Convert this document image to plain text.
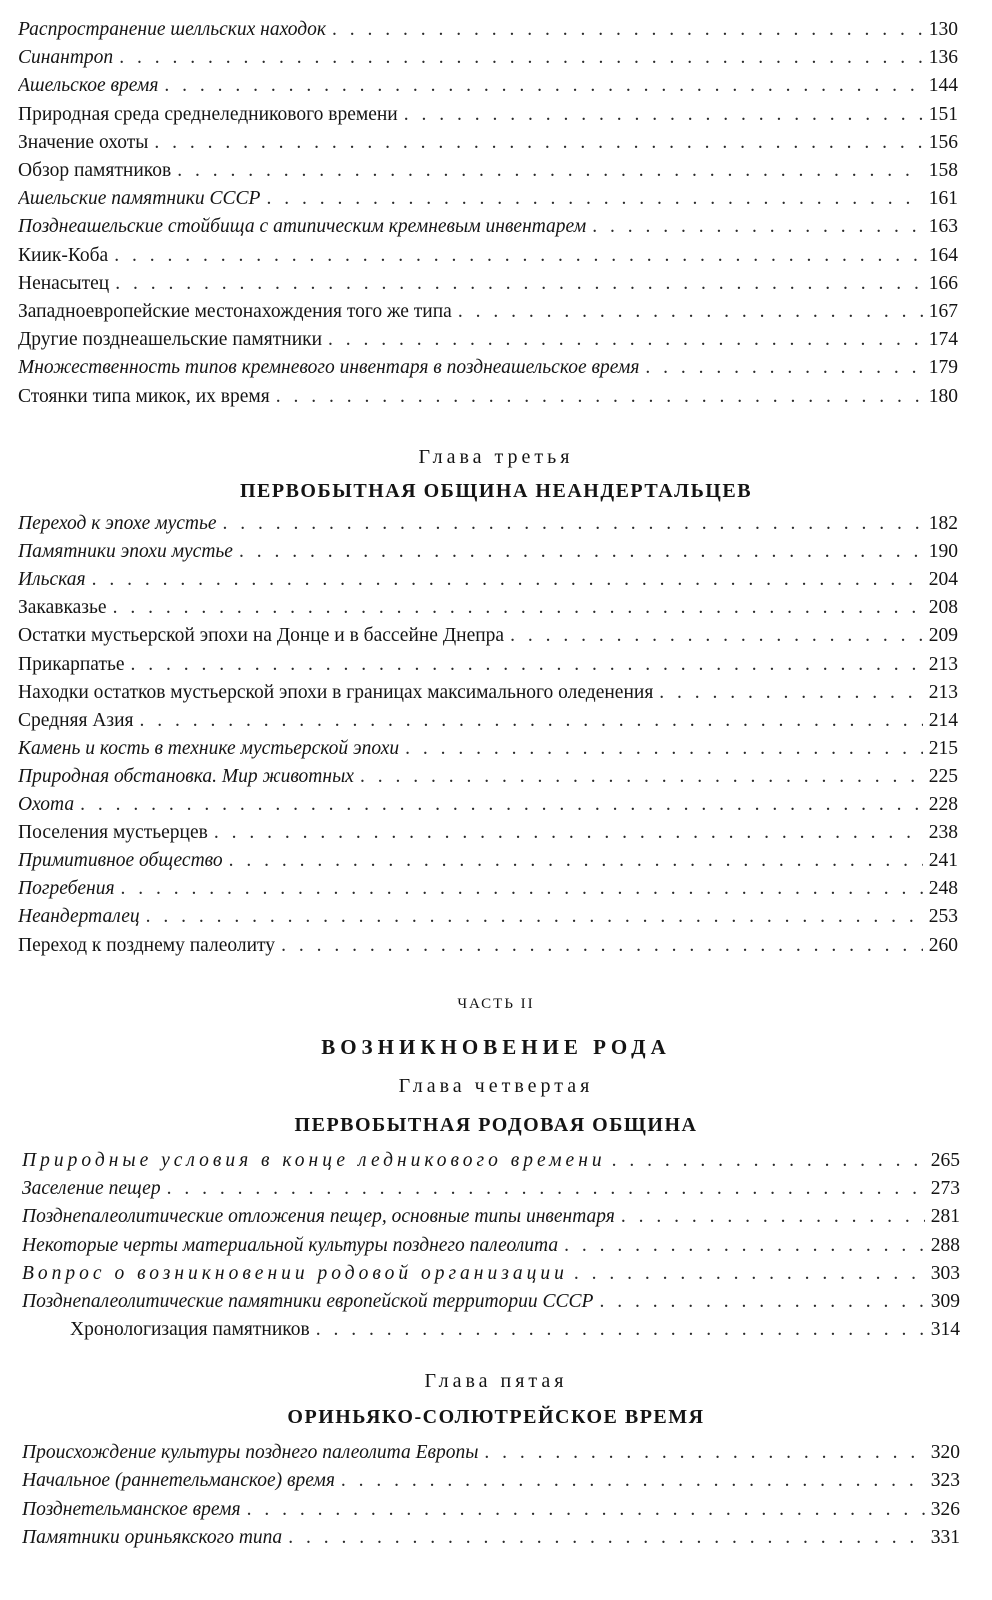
Распространение шелльских находок . . .	130
Синантроп . . .	136
Ашельское время . . .	144
Природная среда среднеледникового времени . . .	151
Значение охоты . . .	156
Обзор памятников . . .	158
Ашельские памятники СССР . . .	161
Позднеашельские стойбища с атипическим кремневым инвентарем . . .	163
Киик-Коба . . .	164
Ненасытец . . .	166
Западноевропейские местонахождения того же типа . . .	167
Другие позднеашельские памятники . . .	174
Множественность типов кремневого инвентаря в позднеашельское время . . .	179
Стоянки типа микок, их время . . .	180
Глава третья
ПЕРВОБЫТНАЯ ОБЩИНА НЕАНДЕРТАЛЬЦЕВ
Переход к эпохе мустье . . .	182
Памятники эпохи мустье . . .	190
Ильская . . .	204
Закавказье . . .	208
Остатки мустьерской эпохи на Донце и в бассейне Днепра . . .	209
Прикарпатье . . .	213
Находки остатков мустьерской эпохи в границах максимального оледенения . . .	213
Средняя Азия . . .	214
Камень и кость в технике мустьерской эпохи . . .	215
Природная обстановка. Мир животных . . .	225
Охота . . .	228
Поселения мустьерцев . . .	238
Примитивное общество . . .	241
Погребения . . .	248
Неандерталец . . .	253
Переход к позднему палеолиту . . .	260
ЧАСТЬ II
ВОЗНИКНОВЕНИЕ РОДА
Глава четвертая
ПЕРВОБЫТНАЯ РОДОВАЯ ОБЩИНА
Природные условия в конце ледникового времени . . .	265
Заселение пещер . . .	273
Позднепалеолитические отложения пещер, основные типы инвентаря . . .	281
Некоторые черты материальной культуры позднего палеолита . . .	288
Вопрос о возникновении родовой организации . . .	303
Позднепалеолитические памятники европейской территории СССР . . .	309
Хронологизация памятников . . .	314
Глава пятая
ОРИНЬЯКО-СОЛЮТРЕЙСКОЕ ВРЕМЯ
Происхождение культуры позднего палеолита Европы . . .	320
Начальное (раннетельманское) время . . .	323
Позднетельманское время . . .	326
Памятники ориньякского типа . . .	331
